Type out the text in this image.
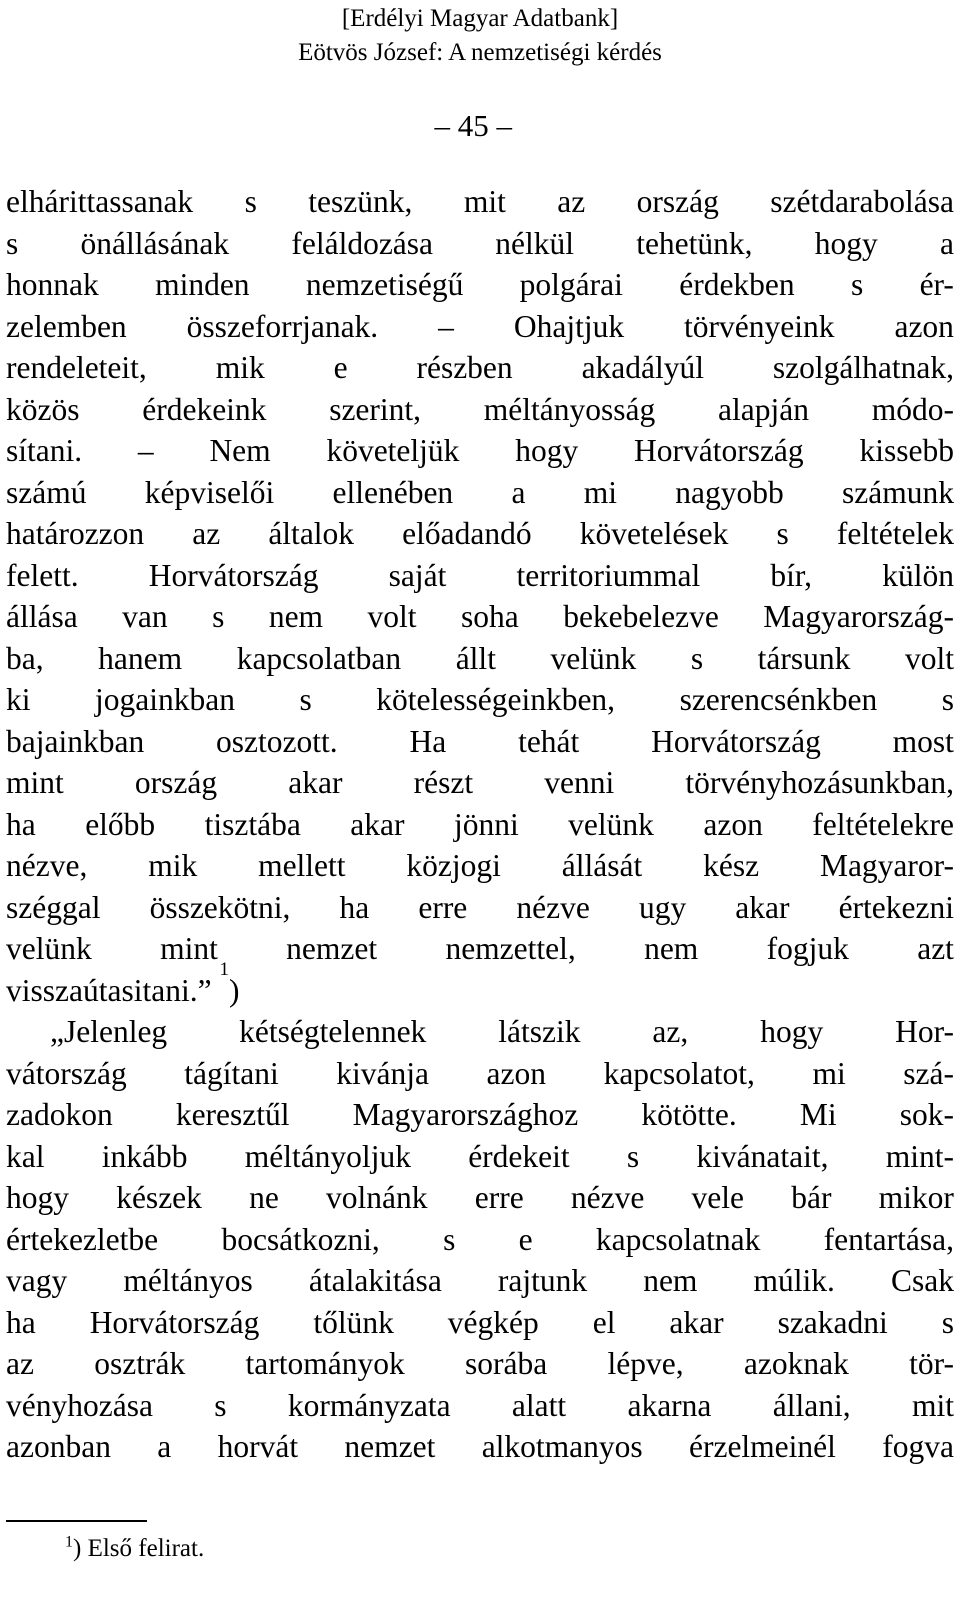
[Erdélyi Magyar Adatbank]
Eötvös József: A nemzetiségi kérdés
– 45 –
elhárittassanak s teszünk, mit az ország szétdarabolása
s önállásának feláldozása nélkül tehetünk, hogy a
honnak minden nemzetiségű polgárai érdekben s ér-
zelemben összeforrjanak. – Ohajtjuk törvényeink azon
rendeleteit, mik e részben akadályúl szolgálhatnak,
közös érdekeink szerint, méltányosság alapján módo-
sítani. – Nem követeljük hogy Horvátország kissebb
számú képviselői ellenében a mi nagyobb számunk
határozzon az általok előadandó követelések s feltételek
felett. Horvátország saját territoriummal bír, külön
állása van s nem volt soha bekebelezve Magyarország-
ba, hanem kapcsolatban állt velünk s társunk volt
ki jogainkban s kötelességeinkben, szerencsénkben s
bajainkban osztozott. Ha tehát Horvátország most
mint ország akar részt venni törvényhozásunkban,
ha előbb tisztába akar jönni velünk azon feltételekre
nézve, mik mellett közjogi állását kész Magyaror-
széggal összekötni, ha erre nézve ugy akar értekezni
velünk mint nemzet nemzettel, nem fogjuk azt
visszaútasitani.”

1
)
„Jelenleg kétségtelennek látszik az, hogy Hor-
vátország tágítani kivánja azon kapcsolatot, mi szá-
zadokon keresztűl Magyarországhoz kötötte. Mi sok-
kal inkább méltányoljuk érdekeit s kivánatait, mint-
hogy készek ne volnánk erre nézve vele bár mikor
értekezletbe bocsátkozni, s e kapcsolatnak fentartása,
vagy méltányos átalakitása rajtunk nem múlik. Csak
ha Horvátország tőlünk végkép el akar szakadni s
az osztrák tartományok sorába lépve, azoknak tör-
vényhozása s kormányzata alatt akarna állani, mit
azonban a horvát nemzet alkotmanyos érzelmeinél fogva
$^1$) Első felirat.
